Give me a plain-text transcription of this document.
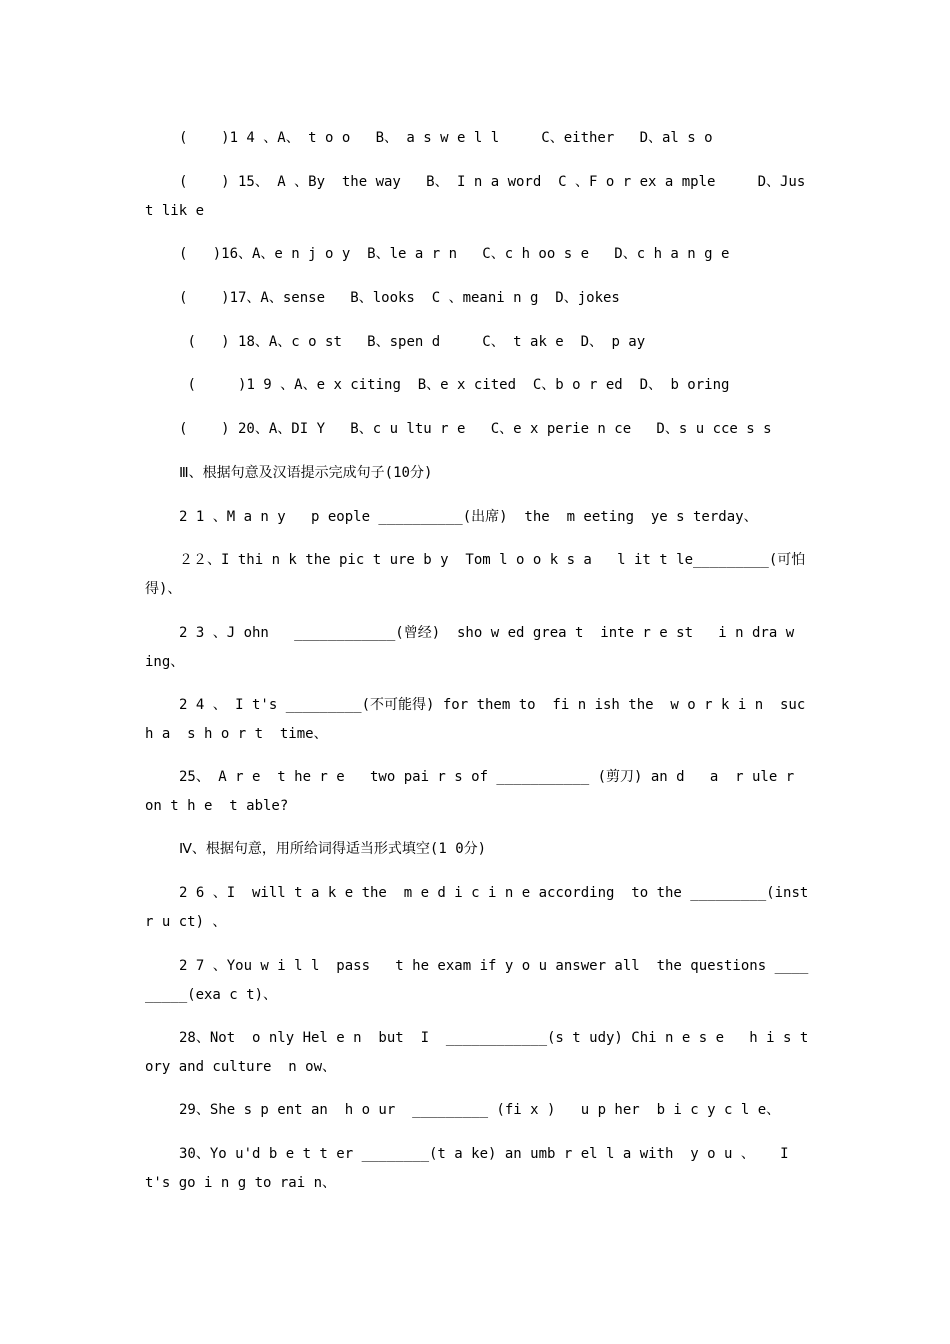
(    )1 4 、A、 t o o   B、 a s w e l l     C、either   D、al s o
(    ) 15、 A 、By  the way   B、 I n a word  C 、F o r ex a mple     D、Just lik e
(   )16、A、e n j o y  B、le a r n   C、c h oo s e   D、c h a n g e
(    )17、A、sense   B、looks  C 、meani n g  D、jokes
(   ) 18、A、c o st   B、spen d     C、 t ak e  D、 p ay
(     )1 9 、A、e x citing  B、e x cited  C、b o r ed  D、 b oring
(    ) 20、A、DI Y   B、c u ltu r e   C、e x perie n ce   D、s u cce s s
Ⅲ、根据句意及汉语提示完成句子(10分)
2 1 、M a n y   p eople __________(出席)  the  m eeting  ye s terday、
２２、I thi n k the pic t ure b y  Tom l o o k s a   l it t le_________(可怕得)、
2 3 、J ohn   ____________(曾经)  sho w ed grea t  inte r e st   i n dra w ing、
2 4 、 I t's _________(不可能得) for them to  fi n ish the  w o r k i n  such a  s h o r t  time、
25、 A r e  t he r e   two pai r s of ___________ (剪刀) an d   a  r ule r on t h e  t able?
Ⅳ、根据句意，用所给词得适当形式填空(1 0分)
2 6 、I  will t a k e the  m e d i c i n e according  to the _________(instr u ct) 、
2 7 、You w i l l  pass   t he exam if y o u answer all  the questions _________(exa c t)、
28、Not  o nly Hel e n  but  I  ____________(s t udy) Chi n e s e   h i s tory and culture  n ow、
29、She s p ent an  h o ur  _________ (fi x )   u p her  b i c y c l e、
30、Yo u'd b e t t er ________(t a ke) an umb r el l a with  y o u 、   It's go i n g to rai n、
